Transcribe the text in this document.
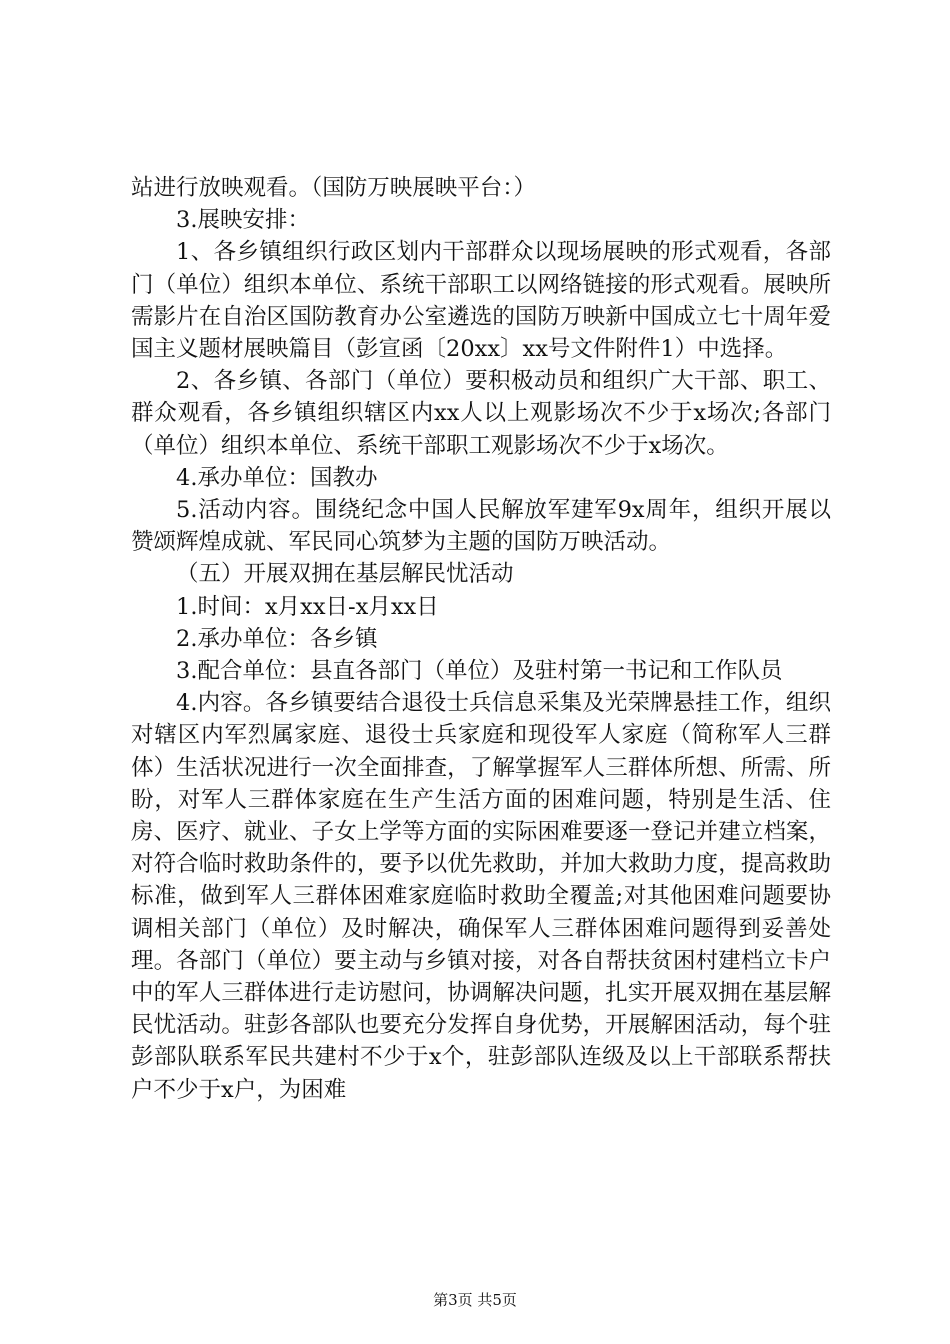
站进行放映观看。（国防万映展映平台：）

3.展映安排：

1、各乡镇组织行政区划内干部群众以现场展映的形式观看，各部门（单位）组织本单位、系统干部职工以网络链接的形式观看。展映所需影片在自治区国防教育办公室遴选的国防万映新中国成立七十周年爱国主义题材展映篇目（彭宣函〔20xx〕xx号文件附件1）中选择。

2、各乡镇、各部门（单位）要积极动员和组织广大干部、职工、群众观看，各乡镇组织辖区内xx人以上观影场次不少于x场次;各部门（单位）组织本单位、系统干部职工观影场次不少于x场次。

4.承办单位：国教办

5.活动内容。围绕纪念中国人民解放军建军9x周年，组织开展以赞颂辉煌成就、军民同心筑梦为主题的国防万映活动。

（五）开展双拥在基层解民忧活动

1.时间：x月xx日-x月xx日

2.承办单位：各乡镇

3.配合单位：县直各部门（单位）及驻村第一书记和工作队员

4.内容。各乡镇要结合退役士兵信息采集及光荣牌悬挂工作，组织对辖区内军烈属家庭、退役士兵家庭和现役军人家庭（简称军人三群体）生活状况进行一次全面排查，了解掌握军人三群体所想、所需、所盼，对军人三群体家庭在生产生活方面的困难问题，特别是生活、住房、医疗、就业、子女上学等方面的实际困难要逐一登记并建立档案，对符合临时救助条件的，要予以优先救助，并加大救助力度，提高救助标准，做到军人三群体困难家庭临时救助全覆盖;对其他困难问题要协调相关部门（单位）及时解决，确保军人三群体困难问题得到妥善处理。各部门（单位）要主动与乡镇对接，对各自帮扶贫困村建档立卡户中的军人三群体进行走访慰问，协调解决问题，扎实开展双拥在基层解民忧活动。驻彭各部队也要充分发挥自身优势，开展解困活动，每个驻彭部队联系军民共建村不少于x个，驻彭部队连级及以上干部联系帮扶户不少于x户，为困难

第3页 共5页
